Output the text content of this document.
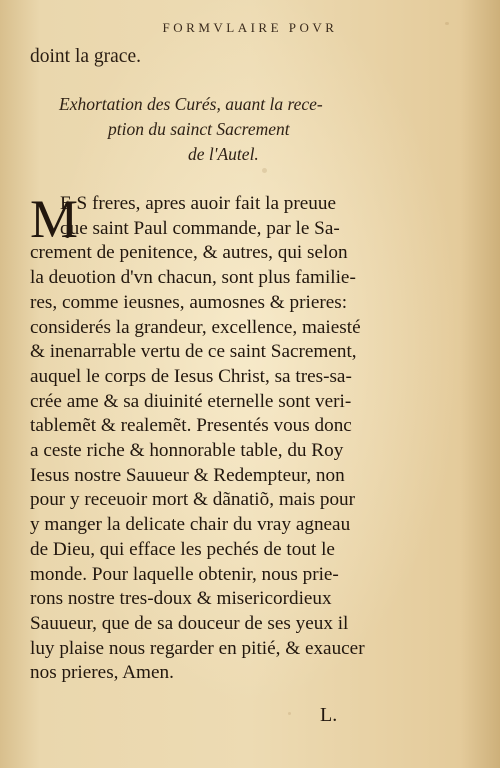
FORMVLAIRE POVR
doint la grace.
Exhortation des Curés, auant la rece-
ption du sainct Sacrement
de l'Autel.
M
E S freres, apres auoir fait la preuue
que saint Paul commande, par le Sa-
crement de penitence, & autres, qui selon
la deuotion d'vn chacun, sont plus familie-
res, comme ieusnes, aumosnes & prieres:
considerés la grandeur, excellence, maiesté
& inenarrable vertu de ce saint Sacrement,
auquel le corps de Iesus Christ, sa tres-sa-
crée ame & sa diuinité eternelle sont veri-
tablemẽt & realemẽt. Presentés vous donc
a ceste riche & honnorable table, du Roy
Iesus nostre Sauueur & Redempteur, non
pour y receuoir mort & dãnatiõ, mais pour
y manger la delicate chair du vray agneau
de Dieu, qui efface les pechés de tout le
monde. Pour laquelle obtenir, nous prie-
rons nostre tres-doux & misericordieux
Sauueur, que de sa douceur de ses yeux il
luy plaise nous regarder en pitié, & exaucer
nos prieres, Amen.
L.
